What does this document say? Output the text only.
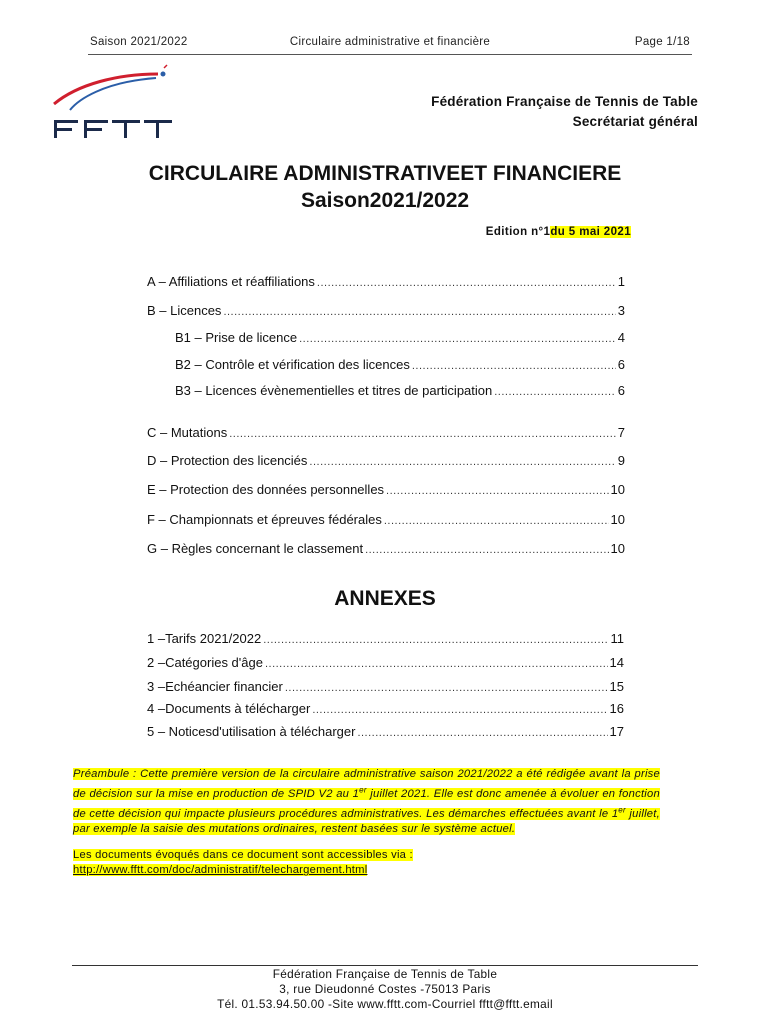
Saison 2021/2022	Circulaire administrative et financière	Page 1/18
Fédération Française de Tennis de Table
Secrétariat général
CIRCULAIRE ADMINISTRATIVEET FINANCIERE
Saison2021/2022
Edition n°1du 5 mai 2021
A – Affiliations et réaffiliations .....	1
B – Licences .....	3
B1 – Prise de licence .....	4
B2 – Contrôle et vérification des licences .....	6
B3 – Licences évènementielles et titres de participation .....	6
C – Mutations .....	7
D – Protection des licenciés .....	9
E – Protection des données personnelles .....	10
F – Championnats et épreuves fédérales .....	10
G – Règles concernant le classement .....	10
ANNEXES
1 –Tarifs 2021/2022 .....	11
2 –Catégories d'âge .....	14
3 –Echéancier financier .....	15
4 –Documents à télécharger .....	16
5 – Noticesd'utilisation à télécharger .....	17
Préambule : Cette première version de la circulaire administrative saison 2021/2022 a été rédigée avant la prise de décision sur la mise en production de SPID V2 au 1er juillet 2021. Elle est donc amenée à évoluer en fonction de cette décision qui impacte plusieurs procédures administratives. Les démarches effectuées avant le 1er juillet, par exemple la saisie des mutations ordinaires, restent basées sur le système actuel.
Les documents évoqués dans ce document sont accessibles via :
http://www.fftt.com/doc/administratif/telechargement.html
Fédération Française de Tennis de Table
3, rue Dieudonné Costes -75013 Paris
Tél. 01.53.94.50.00 -Site www.fftt.com-Courriel fftt@fftt.email
